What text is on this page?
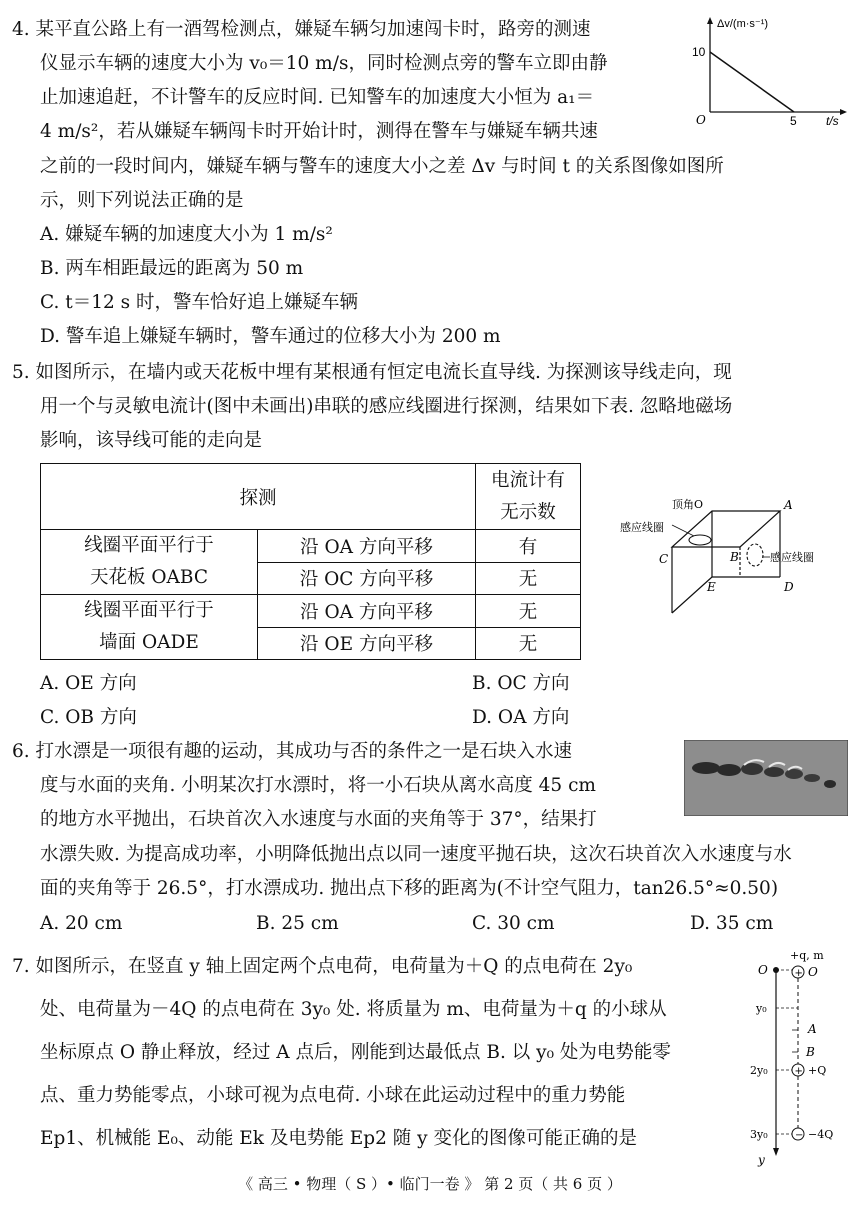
4. 某平直公路上有一酒驾检测点，嫌疑车辆匀加速闯卡时，路旁的测速
仪显示车辆的速度大小为 v₀＝10 m/s，同时检测点旁的警车立即由静
止加速追赶，不计警车的反应时间. 已知警车的加速度大小恒为 a₁＝
4 m/s²，若从嫌疑车辆闯卡时开始计时，测得在警车与嫌疑车辆共速
之前的一段时间内，嫌疑车辆与警车的速度大小之差 Δv 与时间 t 的关系图像如图所
示，则下列说法正确的是
A. 嫌疑车辆的加速度大小为 1 m/s²
B. 两车相距最远的距离为 50 m
C. t＝12 s 时，警车恰好追上嫌疑车辆
D. 警车追上嫌疑车辆时，警车通过的位移大小为 200 m
Δv/(m·s⁻¹)
10
O	5 t/s
5. 如图所示，在墙内或天花板中埋有某根通有恒定电流长直导线. 为探测该导线走向，现
用一个与灵敏电流计(图中未画出)串联的感应线圈进行探测，结果如下表. 忽略地磁场
影响，该导线可能的走向是
探测		电流计有
无示数
线圈平面平行于
天花板 OABC	沿 OA 方向平移	有
	沿 OC 方向平移	无
线圈平面平行于
墙面 OADE	沿 OA 方向平移	无
	沿 OE 方向平移	无
顶角O
感应线圈
感应线圈
A
B
C
D
E
A. OE 方向	B. OC 方向
C. OB 方向	D. OA 方向
6. 打水漂是一项很有趣的运动，其成功与否的条件之一是石块入水速
度与水面的夹角. 小明某次打水漂时，将一小石块从离水高度 45 cm
的地方水平抛出，石块首次入水速度与水面的夹角等于 37°，结果打
水漂失败. 为提高成功率，小明降低抛出点以同一速度平抛石块，这次石块首次入水速度与水
面的夹角等于 26.5°，打水漂成功. 抛出点下移的距离为(不计空气阻力，tan26.5°≈0.50)
A. 20 cm	B. 25 cm	C. 30 cm	D. 35 cm
7. 如图所示，在竖直 y 轴上固定两个点电荷，电荷量为＋Q 的点电荷在 2y₀
处、电荷量为－4Q 的点电荷在 3y₀ 处. 将质量为 m、电荷量为＋q 的小球从
坐标原点 O 静止释放，经过 A 点后，刚能到达最低点 B. 以 y₀ 处为电势能零
点、重力势能零点，小球可视为点电荷. 小球在此运动过程中的重力势能
Ep1、机械能 E₀、动能 Ek 及电势能 Ep2 随 y 变化的图像可能正确的是
+
+
−
+q, m
O	O
y₀
A
B
2y₀	+Q
3y₀	−4Q
y
《 高三 • 物理（ S ）• 临门一卷 》 第 2 页（ 共 6 页 ）
